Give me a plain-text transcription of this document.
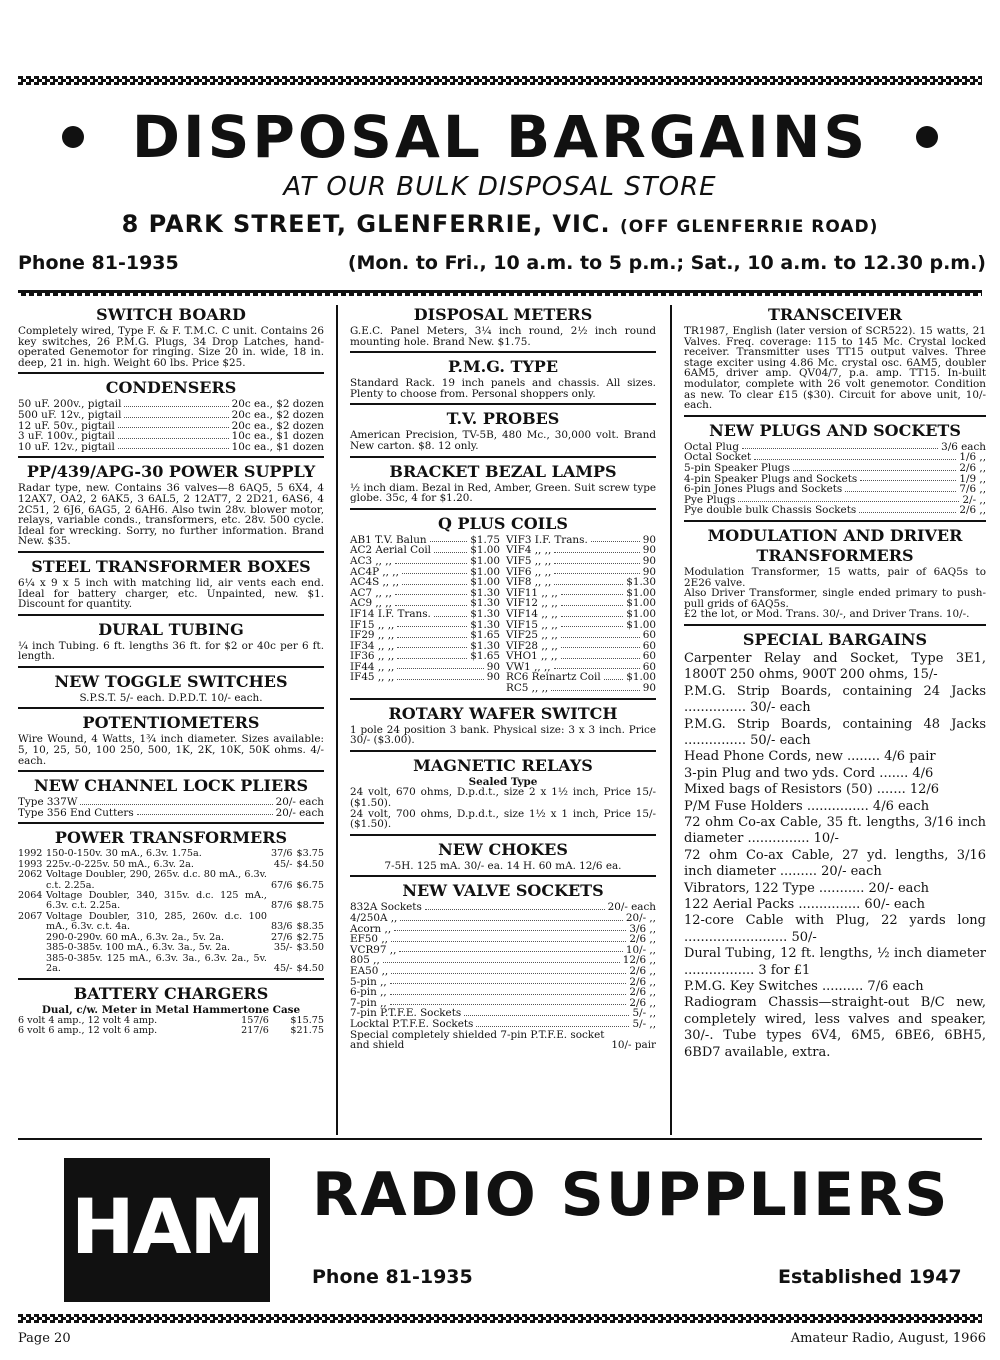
DISPOSAL BARGAINS
AT OUR BULK DISPOSAL STORE
8 PARK STREET, GLENFERRIE, VIC. (OFF GLENFERRIE ROAD)
Phone 81-1935	(Mon. to Fri., 10 a.m. to 5 p.m.; Sat., 10 a.m. to 12.30 p.m.)
SWITCH BOARD
Completely wired, Type F. & F. T.M.C. C unit. Contains 26 key switches, 26 P.M.G. Plugs, 34 Drop Latches, hand-operated Genemotor for ringing. Size 20 in. wide, 18 in. deep, 21 in. high. Weight 60 lbs. Price $25.
CONDENSERS
50 uF. 200v., pigtail	20c ea., $2 dozen
500 uF. 12v., pigtail	20c ea., $2 dozen
12 uF. 50v., pigtail	20c ea., $2 dozen
3 uF. 100v., pigtail	10c ea., $1 dozen
10 uF. 12v., pigtail	10c ea., $1 dozen
PP/439/APG-30 POWER SUPPLY
Radar type, new. Contains 36 valves—8 6AQ5, 5 6X4, 4 12AX7, OA2, 2 6AK5, 3 6AL5, 2 12AT7, 2 2D21, 6AS6, 4 2C51, 2 6J6, 6AG5, 2 6AH6. Also twin 28v. blower motor, relays, variable conds., transformers, etc. 28v. 500 cycle. Ideal for wrecking. Sorry, no further information. Brand New. $35.
STEEL TRANSFORMER BOXES
6¼ x 9 x 5 inch with matching lid, air vents each end. Ideal for battery charger, etc. Unpainted, new. $1. Discount for quantity.
DURAL TUBING
¼ inch Tubing. 6 ft. lengths 36 ft. for $2 or 40c per 6 ft. length.
NEW TOGGLE SWITCHES
S.P.S.T. 5/- each. D.P.D.T. 10/- each.
POTENTIOMETERS
Wire Wound, 4 Watts, 1¾ inch diameter. Sizes available: 5, 10, 25, 50, 100 250, 500, 1K, 2K, 10K, 50K ohms. 4/- each.
NEW CHANNEL LOCK PLIERS
Type 337W	20/- each
Type 356 End Cutters	20/- each
POWER TRANSFORMERS
1992	150-0-150v. 30 mA., 6.3v. 1.75a.	37/6	$3.75
1993	225v.-0-225v. 50 mA., 6.3v. 2a.	45/-	$4.50
2062	Voltage Doubler, 290, 265v. d.c. 80 mA., 6.3v. c.t. 2.25a.	67/6	$6.75
2064	Voltage Doubler, 340, 315v. d.c. 125 mA., 6.3v. c.t. 2.25a.	87/6	$8.75
2067	Voltage Doubler, 310, 285, 260v. d.c. 100 mA., 6.3v. c.t. 4a.	83/6	$8.35
	290-0-290v. 60 mA., 6.3v. 2a., 5v. 2a.	27/6	$2.75
	385-0-385v. 100 mA., 6.3v. 3a., 5v. 2a.	35/-	$3.50
	385-0-385v. 125 mA., 6.3v. 3a., 6.3v. 2a., 5v. 2a.	45/-	$4.50
BATTERY CHARGERS
Dual, c/w. Meter in Metal Hammertone Case
6 volt 4 amp., 12 volt 4 amp.	157/6	$15.75
6 volt 6 amp., 12 volt 6 amp.	217/6	$21.75
DISPOSAL METERS
G.E.C. Panel Meters, 3¼ inch round, 2½ inch round mounting hole. Brand New. $1.75.
P.M.G. TYPE
Standard Rack. 19 inch panels and chassis. All sizes. Plenty to choose from. Personal shoppers only.
T.V. PROBES
American Precision, TV-5B, 480 Mc., 30,000 volt. Brand New carton. $8. 12 only.
BRACKET BEZAL LAMPS
½ inch diam. Bezal in Red, Amber, Green. Suit screw type globe. 35c, 4 for $1.20.
Q PLUS COILS
AB1 T.V. Balun	$1.75
AC2 Aerial Coil	$1.00
AC3 ,, ,,	$1.00
AC4P ,, ,,	$1.00
AC4S ,, ,,	$1.00
AC7 ,, ,,	$1.30
AC9 ,, ,,	$1.30
IF14 I.F. Trans.	$1.30
IF15 ,, ,,	$1.30
IF29 ,, ,,	$1.65
IF34 ,, ,,	$1.30
IF36 ,, ,,	$1.65
IF44 ,, ,,	90
IF45 ,, ,,	90
VIF3 I.F. Trans.	90
VIF4 ,, ,,	90
VIF5 ,, ,,	90
VIF6 ,, ,,	90
VIF8 ,, ,,	$1.30
VIF11 ,, ,,	$1.00
VIF12 ,, ,,	$1.00
VIF14 ,, ,,	$1.00
VIF15 ,, ,,	$1.00
VIF25 ,, ,,	60
VIF28 ,, ,,	60
VHO1 ,, ,,	60
VW1 ,, ,,	60
RC6 Reinartz Coil $1.00
RC5 ,, ,,	90
ROTARY WAFER SWITCH
1 pole 24 position 3 bank. Physical size: 3 x 3 inch. Price 30/- ($3.00).
MAGNETIC RELAYS
Sealed Type
24 volt, 670 ohms, D.p.d.t., size 2 x 1½ inch, Price 15/- ($1.50).
24 volt, 700 ohms, D.p.d.t., size 1½ x 1 inch, Price 15/- ($1.50).
NEW CHOKES
7-5H. 125 mA. 30/- ea. 14 H. 60 mA. 12/6 ea.
NEW VALVE SOCKETS
832A Sockets	20/- each
4/250A ,,	20/- ,,
Acorn ,,	3/6 ,,
EF50 ,,	2/6 ,,
VCR97 ,,	10/- ,,
805 ,,	12/6 ,,
EA50 ,,	2/6 ,,
5-pin ,,	2/6 ,,
6-pin ,,	2/6 ,,
7-pin ,,	2/6 ,,
7-pin P.T.F.E. Sockets	5/- ,,
Locktal P.T.F.E. Sockets	5/- ,,
Special completely shielded 7-pin P.T.F.E. socket and shield	10/- pair
TRANSCEIVER
TR1987, English (later version of SCR522). 15 watts, 21 Valves. Freq. coverage: 115 to 145 Mc. Crystal locked receiver. Transmitter uses TT15 output valves. Three stage exciter using 4.86 Mc. crystal osc. 6AM5, doubler 6AM5, driver amp. QV04/7, p.a. amp. TT15. In-built modulator, complete with 26 volt genemotor. Condition as new. To clear £15 ($30). Circuit for above unit, 10/- each.
NEW PLUGS AND SOCKETS
Octal Plug	3/6 each
Octal Socket	1/6 ,,
5-pin Speaker Plugs	2/6 ,,
4-pin Speaker Plugs and Sockets	1/9 ,,
6-pin Jones Plugs and Sockets	7/6 ,,
Pye Plugs	2/- ,,
Pye double bulk Chassis Sockets	2/6 ,,
MODULATION AND DRIVER
TRANSFORMERS
Modulation Transformer, 15 watts, pair of 6AQ5s to 2E26 valve.
Also Driver Transformer, single ended primary to push-pull grids of 6AQ5s.
£2 the lot, or Mod. Trans. 30/-, and Driver Trans. 10/-.
SPECIAL BARGAINS
Carpenter Relay and Socket, Type 3E1, 1800T 250 ohms, 900T 200 ohms, 15/-
P.M.G. Strip Boards, containing 24 Jacks ............... 30/- each
P.M.G. Strip Boards, containing 48 Jacks ............... 50/- each
Head Phone Cords, new ........ 4/6 pair
3-pin Plug and two yds. Cord ....... 4/6
Mixed bags of Resistors (50) ....... 12/6
P/M Fuse Holders ............... 4/6 each
72 ohm Co-ax Cable, 35 ft. lengths, 3/16 inch diameter ............... 10/-
72 ohm Co-ax Cable, 27 yd. lengths, 3/16 inch diameter ......... 20/- each
Vibrators, 122 Type ........... 20/- each
122 Aerial Packs ............... 60/- each
12-core Cable with Plug, 22 yards long ......................... 50/-
Dural Tubing, 12 ft. lengths, ½ inch diameter ................. 3 for £1
P.M.G. Key Switches .......... 7/6 each
Radiogram Chassis—straight-out B/C new, completely wired, less valves and speaker, 30/-. Tube types 6V4, 6M5, 6BE6, 6BH5, 6BD7 available, extra.
HAM RADIO SUPPLIERS
Phone 81-1935	Established 1947
Page 20	Amateur Radio, August, 1966
